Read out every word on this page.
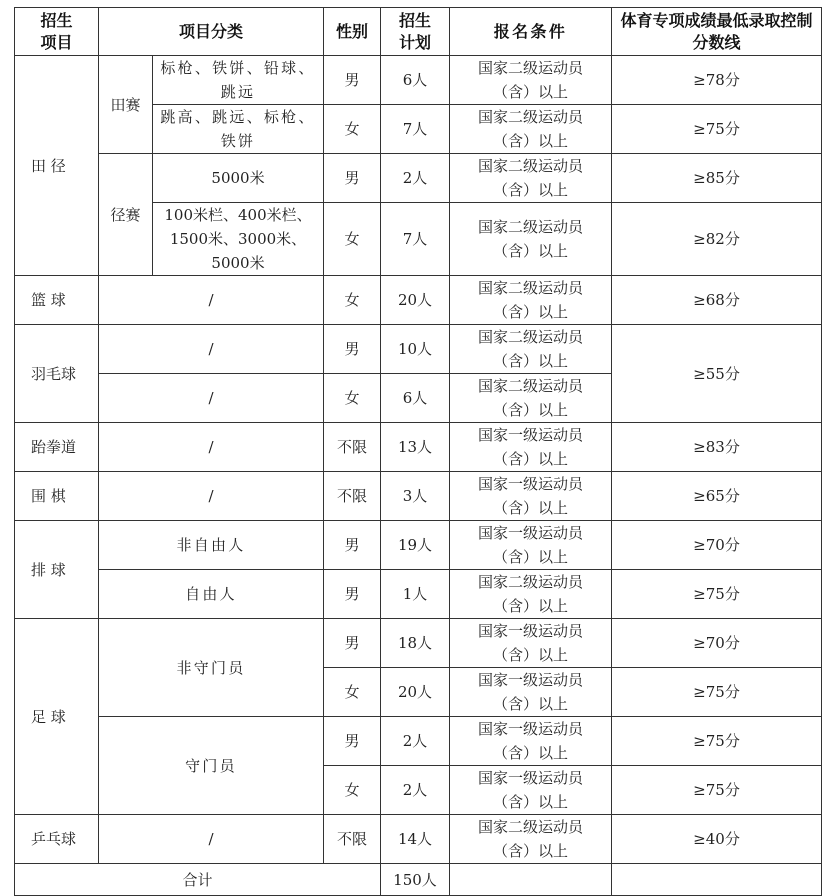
招生项目	项目分类		性别	招生计划	报名条件	体育专项成绩最低录取控制分数线
田 径	田赛	标枪、铁饼、铅球、跳远	男	6人	国家二级运动员（含）以上	≥78分
		跳高、跳远、标枪、铁饼	女	7人	国家二级运动员（含）以上	≥75分
	径赛	5000米	男	2人	国家二级运动员（含）以上	≥85分
		100米栏、400米栏、1500米、3000米、5000米	女	7人	国家二级运动员（含）以上	≥82分
篮 球	/		女	20人	国家二级运动员（含）以上	≥68分
羽毛球	/		男	10人	国家二级运动员（含）以上	≥55分
	/		女	6人	国家二级运动员（含）以上	
跆拳道	/		不限	13人	国家一级运动员（含）以上	≥83分
围 棋	/		不限	3人	国家一级运动员（含）以上	≥65分
排 球	非自由人		男	19人	国家一级运动员（含）以上	≥70分
	自由人		男	1人	国家二级运动员（含）以上	≥75分
足 球	非守门员		男	18人	国家一级运动员（含）以上	≥70分
			女	20人	国家一级运动员（含）以上	≥75分
	守门员		男	2人	国家一级运动员（含）以上	≥75分
			女	2人	国家一级运动员（含）以上	≥75分
乒乓球	/		不限	14人	国家二级运动员（含）以上	≥40分
合计				150人		
